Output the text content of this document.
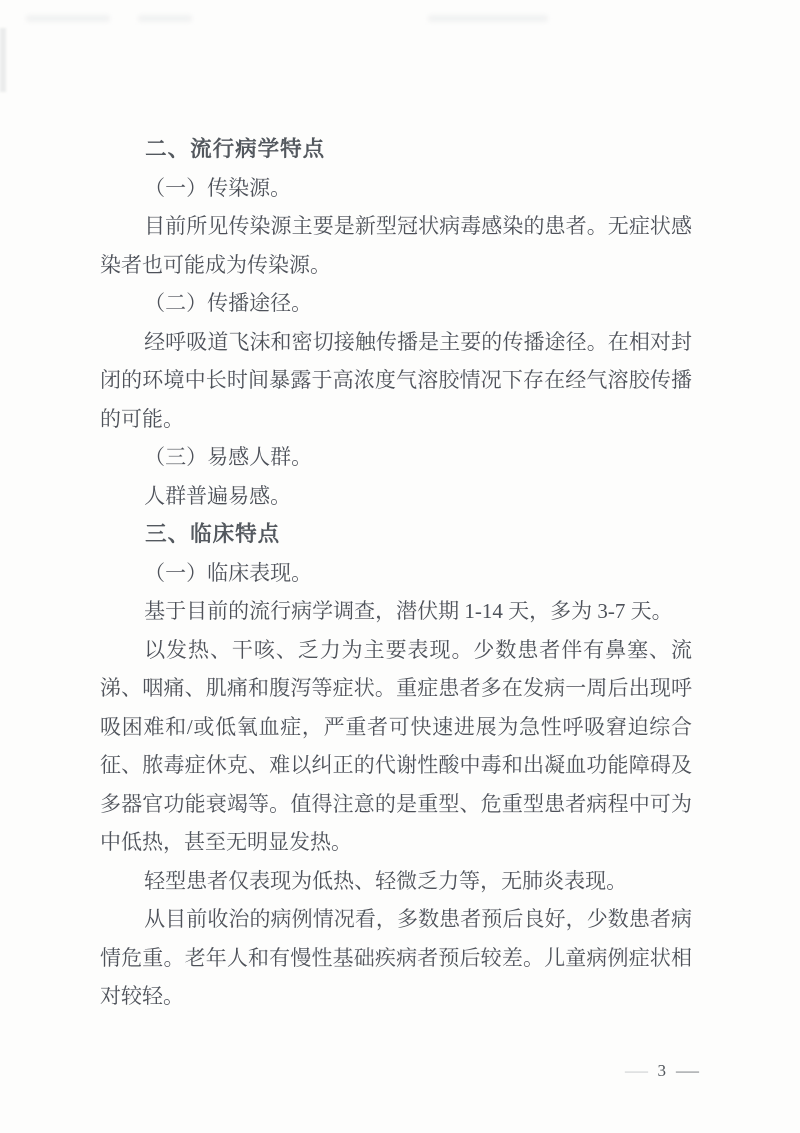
二、流行病学特点

（一）传染源。

目前所见传染源主要是新型冠状病毒感染的患者。无症状感染者也可能成为传染源。

（二）传播途径。

经呼吸道飞沫和密切接触传播是主要的传播途径。在相对封闭的环境中长时间暴露于高浓度气溶胶情况下存在经气溶胶传播的可能。

（三）易感人群。

人群普遍易感。

三、临床特点

（一）临床表现。

基于目前的流行病学调查，潜伏期 1-14 天，多为 3-7 天。

以发热、干咳、乏力为主要表现。少数患者伴有鼻塞、流涕、咽痛、肌痛和腹泻等症状。重症患者多在发病一周后出现呼吸困难和/或低氧血症，严重者可快速进展为急性呼吸窘迫综合征、脓毒症休克、难以纠正的代谢性酸中毒和出凝血功能障碍及多器官功能衰竭等。值得注意的是重型、危重型患者病程中可为中低热，甚至无明显发热。

轻型患者仅表现为低热、轻微乏力等，无肺炎表现。

从目前收治的病例情况看，多数患者预后良好，少数患者病情危重。老年人和有慢性基础疾病者预后较差。儿童病例症状相对较轻。

— 3 —
